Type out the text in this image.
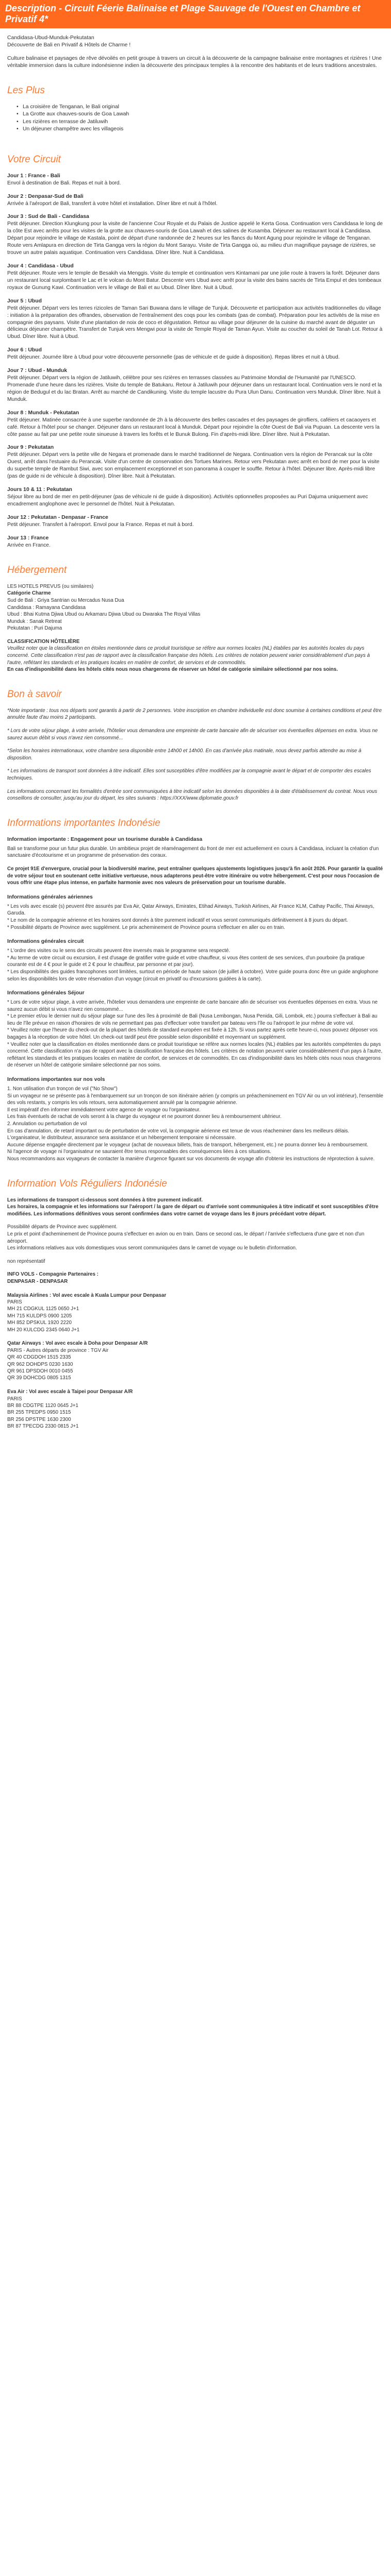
Description - Circuit Féerie Balinaise et Plage Sauvage de l'Ouest en Chambre et Privatif 4*
Candidasa-Ubud-Munduk-Pekutatan
Découverte de Bali en Privatif & Hôtels de Charme !
Culture balinaise et paysages de rêve dévoilés en petit groupe à travers un circuit à la découverte de la campagne balinaise entre montagnes et rizières ! Une véritable immersion dans la culture indonésienne indien la découverte des principaux temples à la rencontre des habitants et de leurs traditions ancestrales.
Les Plus
• La croisière de Tenganan, le Bali original
• La Grotte aux chauves-souris de Goa Lawah
• Les rizières en terrasse de Jatiluwih
• Un déjeuner champêtre avec les villageois
Votre Circuit
Jour 1 : France - Bali
Envol à destination de Bali. Repas et nuit à bord.
Jour 2 : Denpasar-Sud de Bali
Arrivée à l'aéroport de Bali, transfert à votre hôtel et installation. Dîner libre et nuit à l'hôtel.
Jour 3 : Sud de Bali - Candidasa
Petit déjeuner. Direction Klungkung pour la visite de l'ancienne Cour Royale et du Palais de Justice appelé le Kerta Gosa. Continuation vers Candidasa le long de la côte Est avec arrêts pour les visites de la grotte aux chauves-souris de Goa Lawah et des salines de Kusamba. Déjeuner au restaurant local à Candidasa. Départ pour rejoindre le village de Kastala, point de départ d'une randonnée de 2 heures sur les flancs du Mont Agung pour rejoindre le village de Tenganan. Route vers Amlapura en direction de Tirta Gangga vers la région du Mont Sarayu. Visite de Tirta Gangga où, au milieu d'un magnifique paysage de rizières, se trouve un autre palais aquatique. Continuation vers Candidasa. Dîner libre. Nuit à Candidasa.
Jour 4 : Candidasa - Ubud
Petit déjeuner. Route vers le temple de Besakih via Menggis. Visite du temple et continuation vers Kintamani par une jolie route à travers la forêt. Déjeuner dans un restaurant local surplombant le Lac et le volcan du Mont Batur. Descente vers Ubud avec arrêt pour la visite des bains sacrés de Tirta Empul et des tombeaux royaux de Gunung Kawi. Continuation vers le village de Bali et au Ubud. Dîner libre. Nuit à Ubud.
Jour 5 : Ubud
Petit déjeuner. Départ vers les terres rizicoles de Taman Sari Buwana dans le village de Tunjuk. Découverte et participation aux activités traditionnelles du village : initiation à la préparation des offrandes, observation de l'entraînement des coqs pour les combats (pas de combat). Préparation pour les activités de la mise en compagnie des paysans. Visite d'une plantation de noix de coco et dégustation. Retour au village pour déjeuner de la cuisine du marché avant de déguster un délicieux déjeuner champêtre. Transfert de Tunjuk vers Mengwi pour la visite de Temple Royal de Taman Ayun. Visite au coucher du soleil de Tanah Lot. Retour à Ubud. Dîner libre. Nuit à Ubud.
Jour 6 : Ubud
Petit déjeuner. Journée libre à Ubud pour votre découverte personnelle (pas de véhicule et de guide à disposition). Repas libres et nuit à Ubud.
Jour 7 : Ubud - Munduk
Petit déjeuner. Départ vers la région de Jatiluwih, célèbre pour ses rizières en terrasses classées au Patrimoine Mondial de l'Humanité par l'UNESCO. Promenade d'une heure dans les rizières. Visite du temple de Batukaru. Retour à Jatiluwih pour déjeuner dans un restaurant local. Continuation vers le nord et la région de Bedugul et du lac Bratan. Arrêt au marché de Candikuning. Visite du temple lacustre du Pura Ulun Danu. Continuation vers Munduk. Dîner libre. Nuit à Munduk.
Jour 8 : Munduk - Pekutatan
Petit déjeuner. Matinée consacrée à une superbe randonnée de 2h à la découverte des belles cascades et des paysages de girofliers, caféiers et cacaoyers et café. Retour à l'hôtel pour se changer. Déjeuner dans un restaurant local à Munduk. Départ pour rejoindre la côte Ouest de Bali via Pupuan. La descente vers la côte passe au fait par une petite route sinueuse à travers les forêts et le Bunuk Bulong. Fin d'après-midi libre. Dîner libre. Nuit à Pekutatan.
Jour 9 : Pekutatan
Petit déjeuner. Départ vers la petite ville de Negara et promenade dans le marché traditionnel de Negara. Continuation vers la région de Perancak sur la côte Ouest, arrêt dans l'estuaire du Perancak. Visite d'un centre de conservation des Tortues Marines. Retour vers Pekutatan avec arrêt en bord de mer pour la visite du superbe temple de Rambut Siwi, avec son emplacement exceptionnel et son panorama à couper le souffle. Retour à l'hôtel. Déjeuner libre. Après-midi libre (pas de guide ni de véhicule à disposition). Dîner libre. Nuit à Pekutatan.
Jours 10 & 11 : Pekutatan
Séjour libre au bord de mer en petit-déjeuner (pas de véhicule ni de guide à disposition). Activités optionnelles proposées au Puri Dajuma uniquement avec encadrement anglophone avec le personnel de l'hôtel. Nuit à Pekutatan.
Jour 12 : Pekutatan - Denpasar - France
Petit déjeuner. Transfert à l'aéroport. Envol pour la France. Repas et nuit à bord.
Jour 13 : France
Arrivée en France.
Hébergement
LES HOTELS PREVUS (ou similaires)
Catégorie Charme
Sud de Bali : Griya Santrian ou Mercadus Nusa Dua
Candidasa : Ramayana Candidasa
Ubud : Bhai Kutma Djiwa Ubud ou Arkamaru Djiwa Ubud ou Dwaraka The Royal Villas
Munduk : Sanak Retreat
Pekutatan : Puri Dajuma
CLASSIFICATION HÔTELIÈRE
Veuillez noter que la classification en étoiles mentionnée dans ce produit touristique se réfère aux normes locales (NL) établies par les autorités locales du pays concerné. Cette classification n'est pas de rapport avec la classification française des hôtels. Les critères de notation peuvent varier considérablement d'un pays à l'autre, reflétant les standards et les pratiques locales en matière de confort, de services et de commodités.
En cas d'indisponibilité dans les hôtels cités nous nous chargerons de réserver un hôtel de catégorie similaire sélectionné par nos soins.
Bon à savoir

*Note importante : tous nos départs sont garantis à partir de 2 personnes. Votre inscription en chambre individuelle est donc soumise à certaines conditions et peut être annulée faute d'au moins 2 participants.

* Lors de votre séjour plage, à votre arrivée, l'hôtelier vous demandera une empreinte de carte bancaire afin de sécuriser vos éventuelles dépenses en extra. Vous ne saurez aucun débit si vous n'avez rien consommé...

*Selon les horaires internationaux, votre chambre sera disponible entre 14h00 et 14h00. En cas d'arrivée plus matinale, nous devez parfois attendre au mise à disposition.

* Les informations de transport sont données à titre indicatif. Elles sont susceptibles d'être modifiées par la compagnie avant le départ et de comporter des escales techniques.

Les informations concernant les formalités d'entrée sont communiquées à titre indicatif selon les données disponibles à la date d'établissement du contrat. Nous vous conseillons de consulter, jusqu'au jour du départ, les sites suivants : https://XXX/www.diplomatie.gouv.fr

Informations importantes Indonésie
Information importante : Engagement pour un tourisme durable à Candidasa
Bali se transforme pour un futur plus durable. Un ambitieux projet de réaménagement du front de mer est actuellement en cours à Candidasa, incluant la création d'un sanctuaire d'écotourisme et un programme de préservation des coraux.
Ce projet 91E d'envergure, crucial pour la biodiversité marine, peut entraîner quelques ajustements logistiques jusqu'à fin août 2026. Pour garantir la qualité de votre séjour tout en soutenant cette initiative vertueuse, nous adapterons peut-être votre itinéraire ou votre hébergement. C'est pour nous l'occasion de vous offrir une étape plus intense, en parfaite harmonie avec nos valeurs de préservation pour un tourisme durable.
Informations générales aériennes
* Les vols avec escale (s) peuvent être assurés par Eva Air, Qatar Airways, Emirates, Etihad Airways, Turkish Airlines, Air France KLM, Cathay Pacific, Thai Airways, Garuda.
* Le nom de la compagnie aérienne et les horaires sont donnés à titre purement indicatif et vous seront communiqués définitivement à 8 jours du départ.
* Possibilité départs de Province avec supplément. Le prix acheminement de Province pourra s'effectuer en aller ou en train.
Informations générales circuit
* L'ordre des visites ou le sens des circuits peuvent être inversés mais le programme sera respecté.
* Au terme de votre circuit ou excursion, il est d'usage de gratifier votre guide et votre chauffeur, si vous êtes content de ses services, d'un pourboire (la pratique courante est de 4 € pour le guide et 2 € pour le chauffeur, par personne et par jour).
* Les disponibilités des guides francophones sont limitées, surtout en période de haute saison (de juillet à octobre). Votre guide pourra donc être un guide anglophone selon les disponibilités lors de votre réservation d'un voyage (circuit en privatif ou d'excursions guidées à la carte).
Informations générales Séjour
* Lors de votre séjour plage, à votre arrivée, l'hôtelier vous demandera une empreinte de carte bancaire afin de sécuriser vos éventuelles dépenses en extra. Vous ne saurez aucun débit si vous n'avez rien consommé...
* Le premier et/ou le dernier nuit du séjour plage sur l'une des îles à proximité de Bali (Nusa Lembongan, Nusa Penida, Gili, Lombok, etc.) pourra s'effectuer à Bali au lieu de l'île prévue en raison d'horaires de vols ne permettant pas pas d'effectuer votre transfert par bateau vers l'île ou l'aéroport le jour même de votre vol.
* Veuillez noter que l'heure du check-out de la plupart des hôtels de standard européen est fixée à 12h. Si vous partez après cette heure-ci, nous pouvez déposer vos bagages à la réception de votre hôtel. Un check-out tardif peut être possible selon disponibilité et moyennant un supplément.
* Veuillez noter que la classification en étoiles mentionnée dans ce produit touristique se réfère aux normes locales (NL) établies par les autorités compétentes du pays concerné. Cette classification n'a pas de rapport avec la classification française des hôtels. Les critères de notation peuvent varier considérablement d'un pays à l'autre, reflétant les standards et les pratiques locales en matière de confort, de services et de commodités. En cas d'indisponibilité dans les hôtels cités nous nous chargerons de réserver un hôtel de catégorie similaire sélectionné par nos soins.
Informations importantes sur nos vols
1. Non utilisation d'un tronçon de vol ("No Show")
Si un voyageur ne se présente pas à l'embarquement sur un tronçon de son itinéraire aérien (y compris un préacheminement en TGV Air ou un vol intérieur), l'ensemble des vols restants, y compris les vols retours, sera automatiquement annulé par la compagnie aérienne.
Il est impératif d'en informer immédiatement votre agence de voyage ou l'organisateur.
Les frais éventuels de rachat de vols seront à la charge du voyageur et ne pourront donner lieu à remboursement ultérieur.
2. Annulation ou perturbation de vol
En cas d'annulation, de retard important ou de perturbation de votre vol, la compagnie aérienne est tenue de vous réacheminer dans les meilleurs délais.
L'organisateur, le distributeur, assurance sera assistance et un hébergement temporaire si nécessaire.
Aucune dépense engagée directement par le voyageur (achat de nouveaux billets, frais de transport, hébergement, etc.) ne pourra donner lieu à remboursement.
Ni l'agence de voyage ni l'organisateur ne sauraient être tenus responsables des conséquences liées à ces situations.
Nous recommandons aux voyageurs de contacter la manière d'urgence figurant sur vos documents de voyage afin d'obtenir les instructions de réprotection à suivre.
Information Vols Réguliers Indonésie
Les informations de transport ci-dessous sont données à titre purement indicatif.
Les horaires, la compagnie et les informations sur l'aéroport / la gare de départ ou d'arrivée sont communiquées à titre indicatif et sont susceptibles d'être modifiées. Les informations définitives vous seront confirmées dans votre carnet de voyage dans les 8 jours précédant votre départ.
Possibilité départs de Province avec supplément.
Le prix et point d'acheminement de Province pourra s'effectuer en avion ou en train. Dans ce second cas, le départ / l'arrivée s'effectuera d'une gare et non d'un aéroport.
Les informations relatives aux vols domestiques vous seront communiquées dans le carnet de voyage ou le bulletin d'information.
non représentatif
INFO VOLS - Compagnie Partenaires :
DENPASAR - DENPASAR

Malaysia Airlines : Vol avec escale à Kuala Lumpur pour Denpasar
PARIS
MH 21 CDGKUL 1125 0650 J+1
MH 715 KULDPS 0900 1205
MH 852 DPSKUL 1920 2220
MH 20 KULCDG 2345 0640 J+1

Qatar Airways : Vol avec escale à Doha pour Denpasar A/R
PARIS - Autres départs de province : TGV Air
QR 40 CDGDOH 1515 2335
QR 962 DOHDPS 0230 1630
QR 961 DPSDOH 0010 0455
QR 39 DOHCDG 0805 1315

Eva Air : Vol avec escale à Taipei pour Denpasar A/R
PARIS
BR 88 CDGTPE 1120 0645 J+1
BR 255 TPEDPS 0950 1515
BR 256 DPSTPE 1630 2300
BR 87 TPECDG 2330 0815 J+1
